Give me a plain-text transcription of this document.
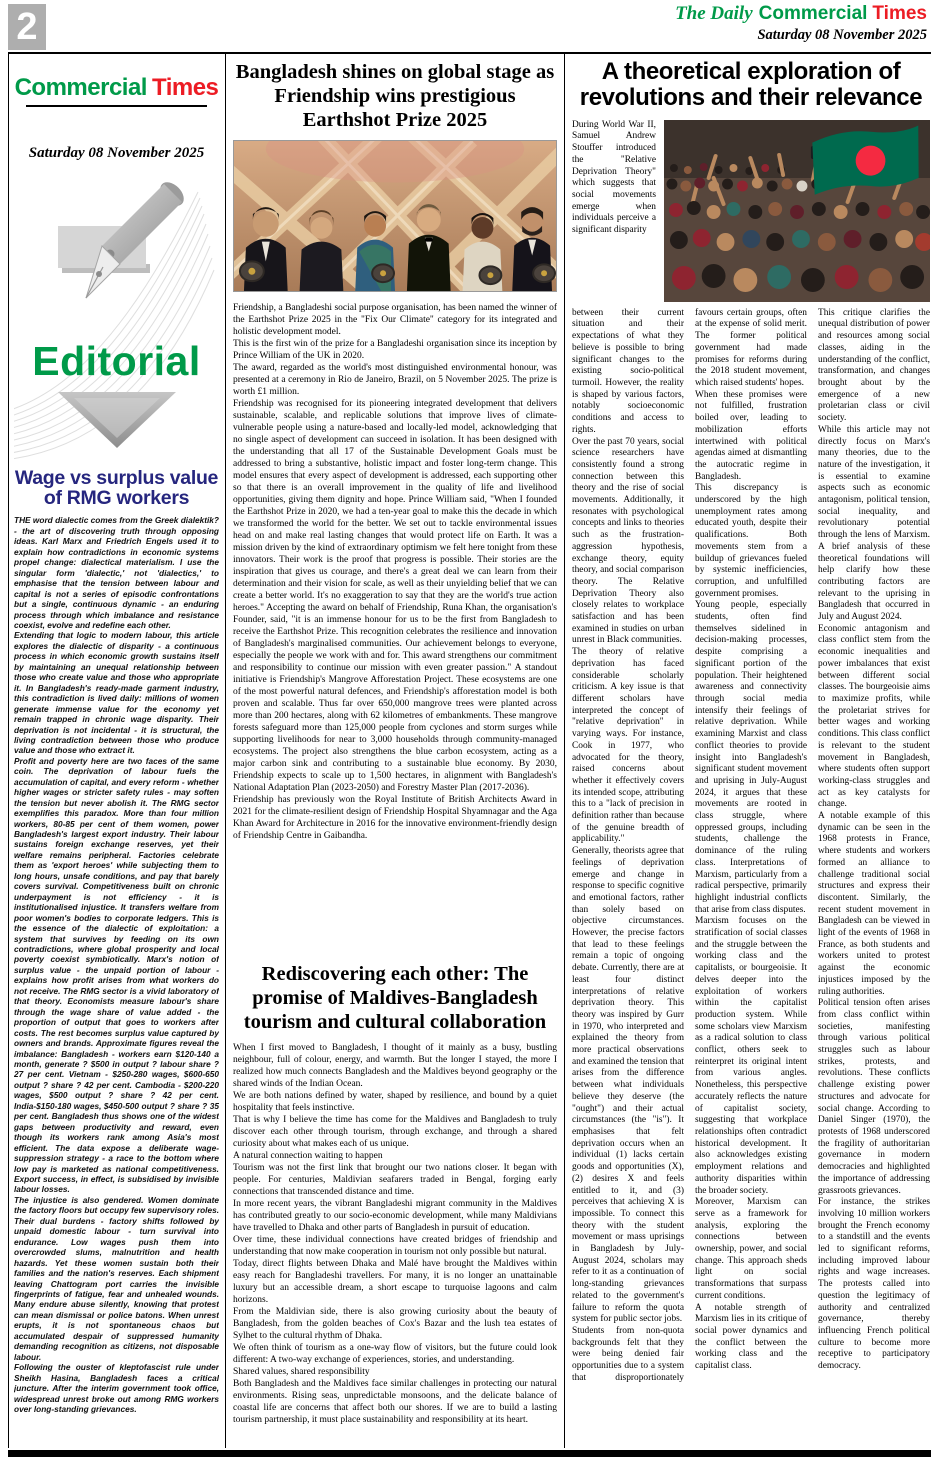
2	The Daily Commercial Times
Saturday 08 November 2025
Commercial Times
Saturday 08 November 2025
Editorial
Wage vs surplus value of RMG workers

THE word dialectic comes from the Greek dialektik? - the art of discovering truth through opposing ideas. Karl Marx and Friedrich Engels used it to explain how contradictions in economic systems propel change: dialectical materialism. I use the singular form 'dialectic,' not 'dialectics,' to emphasise that the tension between labour and capital is not a series of episodic confrontations but a single, continuous dynamic - an enduring process through which imbalance and resistance coexist, evolve and redefine each other.

Extending that logic to modern labour, this article explores the dialectic of disparity - a continuous process in which economic growth sustains itself by maintaining an unequal relationship between those who create value and those who appropriate it. In Bangladesh's ready-made garment industry, this contradiction is lived daily: millions of women generate immense value for the economy yet remain trapped in chronic wage disparity. Their deprivation is not incidental - it is structural, the living contradiction between those who produce value and those who extract it.

Profit and poverty here are two faces of the same coin. The deprivation of labour fuels the accumulation of capital, and every reform - whether higher wages or stricter safety rules - may soften the tension but never abolish it. The RMG sector exemplifies this paradox. More than four million workers, 80-85 per cent of them women, power Bangladesh's largest export industry. Their labour sustains foreign exchange reserves, yet their welfare remains peripheral. Factories celebrate them as 'export heroes' while subjecting them to long hours, unsafe conditions, and pay that barely covers survival. Competitiveness built on chronic underpayment is not efficiency - it is institutionalised injustice. It transfers welfare from poor women's bodies to corporate ledgers. This is the essence of the dialectic of exploitation: a system that survives by feeding on its own contradictions, where global prosperity and local poverty coexist symbiotically. Marx's notion of surplus value - the unpaid portion of labour - explains how profit arises from what workers do not receive. The RMG sector is a vivid laboratory of that theory. Economists measure labour's share through the wage share of value added - the proportion of output that goes to workers after costs. The rest becomes surplus value captured by owners and brands. Approximate figures reveal the imbalance: Bangladesh - workers earn $120-140 a month, generate ? $500 in output ? labour share ? 27 per cent. Vietnam - $250-280 wages, $600-650 output ? share ? 42 per cent. Cambodia - $200-220 wages, $500 output ? share ? 42 per cent. India-$150-180 wages, $450-500 output ? share ? 35 per cent. Bangladesh thus shows one of the widest gaps between productivity and reward, even though its workers rank among Asia's most efficient. The data expose a deliberate wage-suppression strategy - a race to the bottom where low pay is marketed as national competitiveness. Export success, in effect, is subsidised by invisible labour losses.

The injustice is also gendered. Women dominate the factory floors but occupy few supervisory roles. Their dual burdens - factory shifts followed by unpaid domestic labour - turn survival into endurance. Low wages push them into overcrowded slums, malnutrition and health hazards. Yet these women sustain both their families and the nation's reserves. Each shipment leaving Chattogram port carries the invisible fingerprints of fatigue, fear and unhealed wounds. Many endure abuse silently, knowing that protest can mean dismissal or police batons. When unrest erupts, it is not spontaneous chaos but accumulated despair of suppressed humanity demanding recognition as citizens, not disposable labour.

Following the ouster of kleptofascist rule under Sheikh Hasina, Bangladesh faces a critical juncture. After the interim government took office, widespread unrest broke out among RMG workers over long-standing grievances.

Bangladesh shines on global stage as Friendship wins prestigious Earthshot Prize 2025

Friendship, a Bangladeshi social purpose organisation, has been named the winner of the Earthshot Prize 2025 in the "Fix Our Climate" category for its integrated and holistic development model.

This is the first win of the prize for a Bangladeshi organisation since its inception by Prince William of the UK in 2020.

The award, regarded as the world's most distinguished environmental honour, was presented at a ceremony in Rio de Janeiro, Brazil, on 5 November 2025. The prize is worth £1 million.

Friendship was recognised for its pioneering integrated development that delivers sustainable, scalable, and replicable solutions that improve lives of climate-vulnerable people using a nature-based and locally-led model, acknowledging that no single aspect of development can succeed in isolation. It has been designed with the understanding that all 17 of the Sustainable Development Goals must be addressed to bring a substantive, holistic impact and foster long-term change. This model ensures that every aspect of development is addressed, each supporting other so that there is an overall improvement in the quality of life and livelihood opportunities, giving them dignity and hope. Prince William said, "When I founded the Earthshot Prize in 2020, we had a ten-year goal to make this the decade in which we transformed the world for the better. We set out to tackle environmental issues head on and make real lasting changes that would protect life on Earth. It was a mission driven by the kind of extraordinary optimism we felt here tonight from these innovators. Their work is the proof that progress is possible. Their stories are the inspiration that gives us courage, and there's a great deal we can learn from their determination and their vision for scale, as well as their unyielding belief that we can create a better world. It's no exaggeration to say that they are the world's true action heroes." Accepting the award on behalf of Friendship, Runa Khan, the organisation's Founder, said, "it is an immense honour for us to be the first from Bangladesh to receive the Earthshot Prize. This recognition celebrates the resilience and innovation of Bangladesh's marginalised communities. Our achievement belongs to everyone, especially the people we work with and for. This award strengthens our commitment and responsibility to continue our mission with even greater passion." A standout initiative is Friendship's Mangrove Afforestation Project. These ecosystems are one of the most powerful natural defences, and Friendship's afforestation model is both proven and scalable. Thus far over 650,000 mangrove trees were planted across more than 200 hectares, along with 62 kilometres of embankments. These mangrove forests safeguard more than 125,000 people from cyclones and storm surges while supporting livelihoods for near to 3,000 households through community-managed ecosystems. The project also strengthens the blue carbon ecosystem, acting as a major carbon sink and contributing to a sustainable blue economy. By 2030, Friendship expects to scale up to 1,500 hectares, in alignment with Bangladesh's National Adaptation Plan (2023-2050) and Forestry Master Plan (2017-2036).

Friendship has previously won the Royal Institute of British Architects Award in 2021 for the climate-resilient design of Friendship Hospital Shyamnagar and the Aga Khan Award for Architecture in 2016 for the innovative environment-friendly design of Friendship Centre in Gaibandha.

Rediscovering each other: The promise of Maldives-Bangladesh tourism and cultural collaboration

When I first moved to Bangladesh, I thought of it mainly as a busy, bustling neighbour, full of colour, energy, and warmth. But the longer I stayed, the more I realized how much connects Bangladesh and the Maldives beyond geography or the shared winds of the Indian Ocean.

We are both nations defined by water, shaped by resilience, and bound by a quiet hospitality that feels instinctive.

That is why I believe the time has come for the Maldives and Bangladesh to truly discover each other through tourism, through exchange, and through a shared curiosity about what makes each of us unique.

A natural connection waiting to happen

Tourism was not the first link that brought our two nations closer. It began with people. For centuries, Maldivian seafarers traded in Bengal, forging early connections that transcended distance and time.

In more recent years, the vibrant Bangladeshi migrant community in the Maldives has contributed greatly to our socio-economic development, while many Maldivians have travelled to Dhaka and other parts of Bangladesh in pursuit of education.

Over time, these individual connections have created bridges of friendship and understanding that now make cooperation in tourism not only possible but natural.

Today, direct flights between Dhaka and Malé have brought the Maldives within easy reach for Bangladeshi travellers. For many, it is no longer an unattainable luxury but an accessible dream, a short escape to turquoise lagoons and calm horizons.

From the Maldivian side, there is also growing curiosity about the beauty of Bangladesh, from the golden beaches of Cox's Bazar and the lush tea estates of Sylhet to the cultural rhythm of Dhaka.

We often think of tourism as a one-way flow of visitors, but the future could look different: A two-way exchange of experiences, stories, and understanding.

Shared values, shared responsibility

Both Bangladesh and the Maldives face similar challenges in protecting our natural environments. Rising seas, unpredictable monsoons, and the delicate balance of coastal life are concerns that affect both our shores. If we are to build a lasting tourism partnership, it must place sustainability and responsibility at its heart.

A theoretical exploration of revolutions and their relevance
During World War II, Samuel Andrew Stouffer introduced the "Relative Deprivation Theory" which suggests that social movements emerge when individuals perceive a significant disparity

between their current situation and their expectations of what they believe is possible to bring significant changes to the existing socio-political turmoil. However, the reality is shaped by various factors, notably socioeconomic conditions and access to rights.

Over the past 70 years, social science researchers have consistently found a strong connection between this theory and the rise of social movements. Additionally, it resonates with psychological concepts and links to theories such as the frustration-aggression hypothesis, exchange theory, equity theory, and social comparison theory. The Relative Deprivation Theory also closely relates to workplace satisfaction and has been examined in studies on urban unrest in Black communities.

The theory of relative deprivation has faced considerable scholarly criticism. A key issue is that different scholars have interpreted the concept of "relative deprivation" in varying ways. For instance, Cook in 1977, who advocated for the theory, raised concerns about whether it effectively covers its intended scope, attributing this to a "lack of precision in definition rather than because of the genuine breadth of applicability."

Generally, theorists agree that feelings of deprivation emerge and change in response to specific cognitive and emotional factors, rather than solely based on objective circumstances. However, the precise factors that lead to these feelings remain a topic of ongoing debate. Currently, there are at least four distinct interpretations of relative deprivation theory. This theory was inspired by Gurr in 1970, who interpreted and explained the theory from more practical observations and examined the tension that arises from the difference between what individuals believe they deserve (the "ought") and their actual circumstances (the "is"). It emphasises that felt deprivation occurs when an individual (1) lacks certain goods and opportunities (X), (2) desires X and feels entitled to it, and (3) perceives that achieving X is impossible. To connect this theory with the student movement or mass uprisings in Bangladesh by July-August 2024, scholars may refer to it as a continuation of long-standing grievances related to the government's failure to reform the quota system for public sector jobs.

Students from non-quota backgrounds felt that they were being denied fair opportunities due to a system that disproportionately favours certain groups, often at the expense of solid merit. The former political government had made promises for reforms during the 2018 student movement, which raised students' hopes.

When these promises were not fulfilled, frustration boiled over, leading to mobilization efforts intertwined with political agendas aimed at dismantling the autocratic regime in Bangladesh.

This discrepancy is underscored by the high unemployment rates among educated youth, despite their qualifications. Both movements stem from a buildup of grievances fueled by systemic inefficiencies, corruption, and unfulfilled government promises.

Young people, especially students, often find themselves sidelined in decision-making processes, despite comprising a significant portion of the population. Their heightened awareness and connectivity through social media intensify their feelings of relative deprivation. While examining Marxist and class conflict theories to provide insight into Bangladesh's significant student movement and uprising in July-August 2024, it argues that these movements are rooted in class struggle, where oppressed groups, including students, challenge the dominance of the ruling class. Interpretations of Marxism, particularly from a radical perspective, primarily highlight industrial conflicts that arise from class disputes.

Marxism focuses on the stratification of social classes and the struggle between the working class and the capitalists, or bourgeoisie. It delves deeper into the exploitation of workers within the capitalist production system. While some scholars view Marxism as a radical solution to class conflict, others seek to reinterpret its original intent from various angles. Nonetheless, this perspective accurately reflects the nature of capitalist society, suggesting that workplace relationships often contradict historical development. It also acknowledges existing employment relations and authority disparities within the broader society.

Moreover, Marxism can serve as a framework for analysis, exploring the connections between ownership, power, and social change. This approach sheds light on social transformations that surpass current conditions.

A notable strength of Marxism lies in its critique of social power dynamics and the conflict between the working class and the capitalist class.

This critique clarifies the unequal distribution of power and resources among social classes, aiding in the understanding of the conflict, transformation, and changes brought about by the emergence of a new proletarian class or civil society.

While this article may not directly focus on Marx's many theories, due to the nature of the investigation, it is essential to examine aspects such as economic antagonism, political tension, social inequality, and revolutionary potential through the lens of Marxism. A brief analysis of these theoretical foundations will help clarify how these contributing factors are relevant to the uprising in Bangladesh that occurred in July and August 2024.

Economic antagonism and class conflict stem from the economic inequalities and power imbalances that exist between different social classes. The bourgeoisie aims to maximize profits, while the proletariat strives for better wages and working conditions. This class conflict is relevant to the student movement in Bangladesh, where students often support working-class struggles and act as key catalysts for change.

A notable example of this dynamic can be seen in the 1968 protests in France, where students and workers formed an alliance to challenge traditional social structures and express their discontent. Similarly, the recent student movement in Bangladesh can be viewed in light of the events of 1968 in France, as both students and workers united to protest against the economic injustices imposed by the ruling authorities.

Political tension often arises from class conflict within societies, manifesting through various political struggles such as labour strikes, protests, and revolutions. These conflicts challenge existing power structures and advocate for social change. According to Daniel Singer (1970), the protests of 1968 underscored the fragility of authoritarian governance in modern democracies and highlighted the importance of addressing grassroots grievances.

For instance, the strikes involving 10 million workers brought the French economy to a standstill and the events led to significant reforms, including improved labour rights and wage increases. The protests called into question the legitimacy of authority and centralized governance, thereby influencing French political culture to become more receptive to participatory democracy.
